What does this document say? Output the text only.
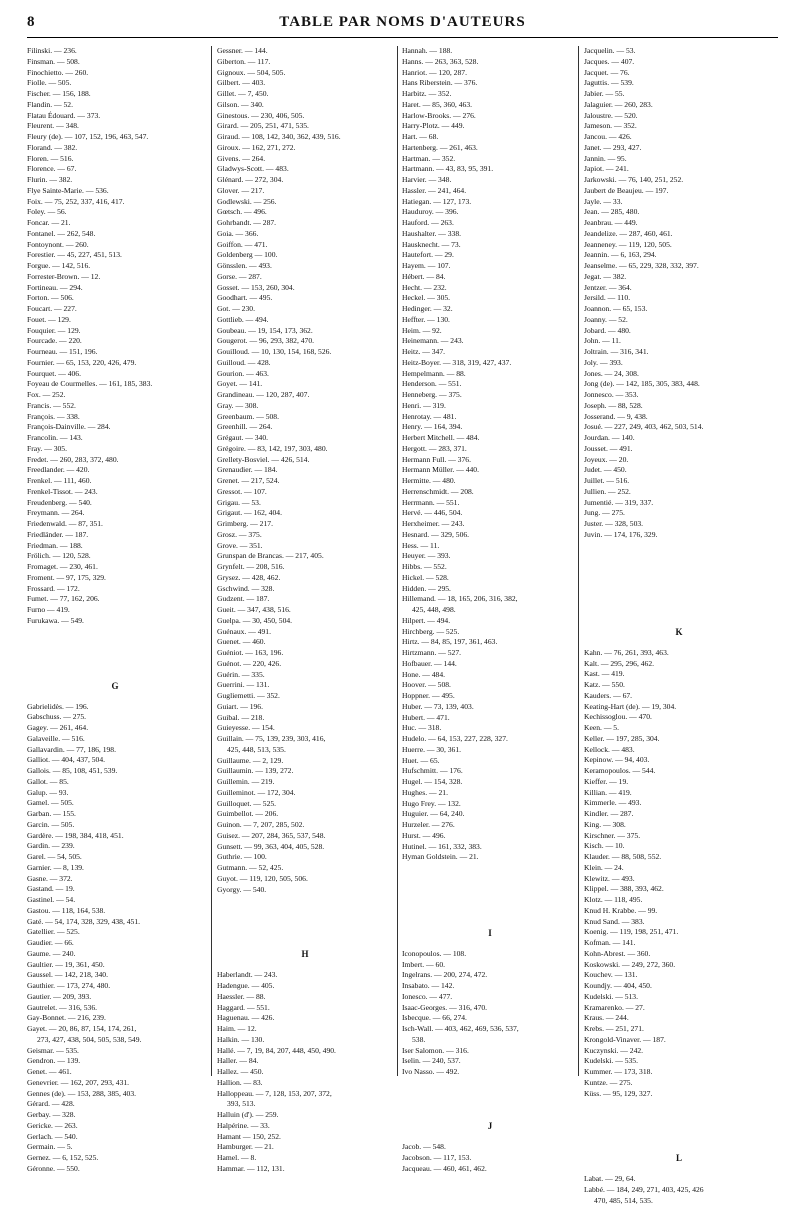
8	TABLE PAR NOMS D'AUTEURS
Filinski. — 236.
Finsman. — 508.
Finochietto. — 260.
Fiolle. — 505.
Fischer. — 156, 188.
Flandin. — 52.
Flatau Édouard. — 373.
Fleurent. — 348.
Fleury (de). — 107, 152, 196, 463, 547.
Florand. — 382.
Floren. — 516.
Florence. — 67.
Flurin. — 382.
Flye Sainte-Marie. — 536.
Foix. — 75, 252, 337, 416, 417.
Foley. — 56.
Foncar. — 21.
Fontanel. — 262, 548.
Fontoynont. — 260.
Forestier. — 45, 227, 451, 513.
Forgue. — 142, 516.
Forrester-Brown. — 12.
Fortineau. — 294.
Forton. — 506.
Foucart. — 227.
Fouet. — 129.
Fouquier. — 129.
Fourcade. — 220.
Fourneau. — 151, 196.
Fournier. — 65, 153, 220, 426, 479.
Fourquet. — 406.
Foyeau de Courmelles. — 161, 185, 383.
Fox. — 252.
Francis. — 552.
François. — 338.
François-Dainville. — 284.
Francolin. — 143.
Fray. — 305.
Fredet. — 260, 283, 372, 480.
Freedlander. — 420.
Frenkel. — 111, 460.
Frenkel-Tissot. — 243.
Freudenberg. — 540.
Freymann. — 264.
Friedenwald. — 87, 351.
Friedländer. — 187.
Friedman. — 188.
Frölich. — 120, 528.
Fromaget. — 230, 461.
Froment. — 97, 175, 329.
Frossard. — 172.
Fumet. — 77, 162, 206.
Furno — 419.
Furukawa. — 549.
G
Gabrielidès. — 196.
Gabschuss. — 275.
Gagey. — 261, 464.
Galaveille. — 516.
Gallavardin. — 77, 186, 198.
Galliot. — 404, 437, 504.
Gallois. — 85, 108, 451, 539.
Gallot. — 85.
Galup. — 93.
Gamel. — 505.
Garban. — 155.
Garcin. — 505.
Gardère. — 198, 384, 418, 451.
Gardin. — 239.
Garel. — 54, 505.
Garnier. — 8, 139.
Gasne. — 372.
Gastand. — 19.
Gastinel. — 54.
Gastou. — 118, 164, 538.
Gaté. — 54, 174, 328, 329, 438, 451.
Gatellier. — 525.
Gaudier. — 66.
Gaume. — 240.
Gaultier. — 19, 361, 450.
Gaussel. — 142, 218, 340.
Gauthier. — 173, 274, 480.
Gautier. — 209, 393.
Gautrelet. — 316, 536.
Gay-Bonnet. — 216, 239.
Gayet. — 20, 86, 87, 154, 174, 261,
273, 427, 438, 504, 505, 538, 549.
Geismar. — 535.
Gendron. — 139.
Genet. — 461.
Genevrier. — 162, 207, 293, 431.
Gennes (de). — 153, 288, 385, 403.
Gérard. — 428.
Gerbay. — 328.
Gericke. — 263.
Gerlach. — 540.
Germain. — 5.
Gernez. — 6, 152, 525.
Géronne. — 550.
Gessner. — 144.
Giberton. — 117.
Gignoux. — 504, 505.
Gilbert. — 403.
Gillet. — 7, 450.
Gilson. — 340.
Ginestous. — 230, 406, 505.
Girard. — 205, 251, 471, 535.
Giraud. — 108, 142, 340, 362, 439, 516.
Giroux. — 162, 271, 272.
Givens. — 264.
Gladwys-Scott. — 483.
Glénard. — 272, 304.
Glover. — 217.
Godlewski. — 256.
Gœtsch. — 496.
Gohrbandt. — 287.
Goia. — 366.
Goiffon. — 471.
Goldenberg — 100.
Gönsslen. — 493.
Gorse. — 287.
Gosset. — 153, 260, 304.
Goodhart. — 495.
Got. — 230.
Gottlieb. — 494.
Goubeau. — 19, 154, 173, 362.
Gougerot. — 96, 293, 382, 470.
Gouilloud. — 10, 130, 154, 168, 526.
Guilloud. — 428.
Gourion. — 463.
Goyet. — 141.
Grandineau. — 120, 287, 407.
Gray. — 308.
Greenbaum. — 508.
Greenhill. — 264.
Grégaut. — 340.
Grégoire. — 83, 142, 197, 303, 480.
Grellety-Bosviel. — 426, 514.
Grenaudier. — 184.
Grenet. — 217, 524.
Gressot. — 107.
Grigau. — 53.
Grigaut. — 162, 404.
Grimberg. — 217.
Grosz. — 375.
Grove. — 351.
Grunspan de Brancas. — 217, 405.
Grynfelt. — 208, 516.
Grysez. — 428, 462.
Gschwind. — 328.
Gudzent. — 187.
Gueit. — 347, 438, 516.
Guelpa. — 30, 450, 504.
Guénaux. — 491.
Guenet. — 460.
Guéniot. — 163, 196.
Guénot. — 220, 426.
Guérin. — 335.
Guerrini. — 131.
Gugliemetti. — 352.
Guiart. — 196.
Guibal. — 218.
Guieyesse. — 154.
Guillain. — 75, 139, 239, 303, 416,
425, 448, 513, 535.
Guillaume. — 2, 129.
Guillaumin. — 139, 272.
Guillemin. — 219.
Guilleminot. — 172, 304.
Guilloquet. — 525.
Guimbellot. — 206.
Guinon. — 7, 207, 285, 502.
Guisez. — 207, 284, 365, 537, 548.
Gunsett. — 99, 363, 404, 405, 528.
Guthrie. — 100.
Gutmann. — 52, 425.
Guyot. — 119, 120, 505, 506.
Gyorgy. — 540.
H
Haberlandt. — 243.
Hadengue. — 405.
Haessler. — 88.
Haggard. — 551.
Haguenau. — 426.
Haim. — 12.
Halkin. — 130.
Hallé. — 7, 19, 84, 207, 448, 450, 490.
Haller. — 84.
Hallez. — 450.
Hallion. — 83.
Halloppeau. — 7, 128, 153, 207, 372,
393, 513.
Halluin (d'). — 259.
Halpérine. — 33.
Hamant — 150, 252.
Hamburger. — 21.
Hamel. — 8.
Hammar. — 112, 131.
Hannah. — 188.
Hanns. — 263, 363, 528.
Hanriot. — 120, 287.
Hans Riberstein. — 376.
Harbitz. — 352.
Haret. — 85, 360, 463.
Harlow-Brooks. — 276.
Harry-Plotz. — 449.
Hart. — 68.
Hartenberg. — 261, 463.
Hartman. — 352.
Hartmann. — 43, 83, 95, 391.
Harvier. — 348.
Hassler. — 241, 464.
Hatiegan. — 127, 173.
Hauduroy. — 396.
Hauford. — 263.
Haushalter. — 338.
Hausknecht. — 73.
Hautefort. — 29.
Hayem. — 107.
Hébert. — 84.
Hecht. — 232.
Heckel. — 305.
Hedinger. — 32.
Heffter. — 130.
Heim. — 92.
Heinemann. — 243.
Heitz. — 347.
Heitz-Boyer. — 318, 319, 427, 437.
Hempelmann. — 88.
Henderson. — 551.
Henneberg. — 375.
Henri. — 319.
Henrotay. — 481.
Henry. — 164, 394.
Herbert Mitchell. — 484.
Hergott. — 283, 371.
Hermann Full. — 376.
Hermann Müller. — 440.
Hermitte. — 480.
Herrenschmidt. — 208.
Herrmann. — 551.
Hervé. — 446, 504.
Herxheimer. — 243.
Hesnard. — 329, 506.
Hess. — 11.
Heuyer. — 393.
Hibbs. — 552.
Hickel. — 528.
Hidden. — 295.
Hillemand. — 18, 165, 206, 316, 382,
425, 448, 498.
Hilpert. — 494.
Hirchberg. — 525.
Hirtz. — 84, 85, 197, 361, 463.
Hirtzmann. — 527.
Hofbauer. — 144.
Hone. — 484.
Hoover. — 508.
Hoppner. — 495.
Huber. — 73, 139, 403.
Hubert. — 471.
Huc. — 318.
Hudelo. — 64, 153, 227, 228, 327.
Huerre. — 30, 361.
Huet. — 65.
Hufschmitt. — 176.
Hugel. — 154, 328.
Hughes. — 21.
Hugo Frey. — 132.
Huguier. — 64, 240.
Hurzeler. — 276.
Hurst. — 496.
Hutinel. — 161, 332, 383.
Hyman Goldstein. — 21.
I
Iconopoulos. — 108.
Imbert. — 60.
Ingelrans. — 200, 274, 472.
Insabato. — 142.
Ionesco. — 477.
Isaac-Georges. — 316, 470.
Isbecque. — 66, 274.
Isch-Wall. — 403, 462, 469, 536, 537,
538.
Iser Salomon. — 316.
Iselin. — 240, 537.
Ivo Nasso. — 492.
J
Jacob. — 548.
Jacobson. — 117, 153.
Jacqueau. — 460, 461, 462.
Jacquelin. — 53.
Jacques. — 407.
Jacquet. — 76.
Jaguttis. — 539.
Jabier. — 55.
Jalaguier. — 260, 283.
Jaloustre. — 520.
Jameson. — 352.
Jancou. — 426.
Janet. — 293, 427.
Jannin. — 95.
Japiot. — 241.
Jarkowski. — 76, 140, 251, 252.
Jaubert de Beaujeu. — 197.
Jayle. — 33.
Jean. — 285, 480.
Jeanbrau. — 449.
Jeandelize. — 287, 460, 461.
Jeanneney. — 119, 120, 505.
Jeannin. — 6, 163, 294.
Jeanselme. — 65, 229, 328, 332, 397.
Jegat. — 382.
Jentzer. — 364.
Jersild. — 110.
Joannon. — 65, 153.
Joanny. — 52.
Jobard. — 480.
John. — 11.
Joltrain. — 316, 341.
Joly. — 393.
Jones. — 24, 308.
Jong (de). — 142, 185, 305, 383, 448.
Jonnesco. — 353.
Joseph. — 88, 528.
Josserand. — 9, 438.
Josué. — 227, 249, 403, 462, 503, 514.
Jourdan. — 140.
Jousset. — 491.
Joyeux. — 20.
Judet. — 450.
Juillet. — 516.
Jullien. — 252.
Jumentié. — 319, 337.
Jung. — 275.
Juster. — 328, 503.
Juvin. — 174, 176, 329.
K
Kahn. — 76, 261, 393, 463.
Kalt. — 295, 296, 462.
Kast. — 419.
Katz. — 550.
Kauders. — 67.
Keating-Hart (de). — 19, 304.
Kechissoglou. — 470.
Keen. — 5.
Keller. — 197, 285, 304.
Kellock. — 483.
Kepinow. — 94, 403.
Keramopoulos. — 544.
Kieffer. — 19.
Killian. — 419.
Kimmerle. — 493.
Kindler. — 287.
King. — 308.
Kirschner. — 375.
Kisch. — 10.
Klauder. — 88, 508, 552.
Klein. — 24.
Klewitz. — 493.
Klippel. — 388, 393, 462.
Klotz. — 118, 495.
Knud H. Krabbe. — 99.
Knud Sand. — 383.
Koenig. — 119, 198, 251, 471.
Kofman. — 141.
Kohn-Abrest. — 360.
Koskowski. — 249, 272, 360.
Kouchev. — 131.
Koundjy. — 404, 450.
Kudelski. — 513.
Kramarenko. — 27.
Kraus. — 244.
Krebs. — 251, 271.
Krongold-Vinaver. — 187.
Kuczynski. — 242.
Kudelski. — 535.
Kummer. — 173, 318.
Kuntze. — 275.
Küss. — 95, 129, 327.
L
Labat. — 29, 64.
Labbé. — 184, 249, 271, 403, 425, 426
470, 485, 514, 535.
